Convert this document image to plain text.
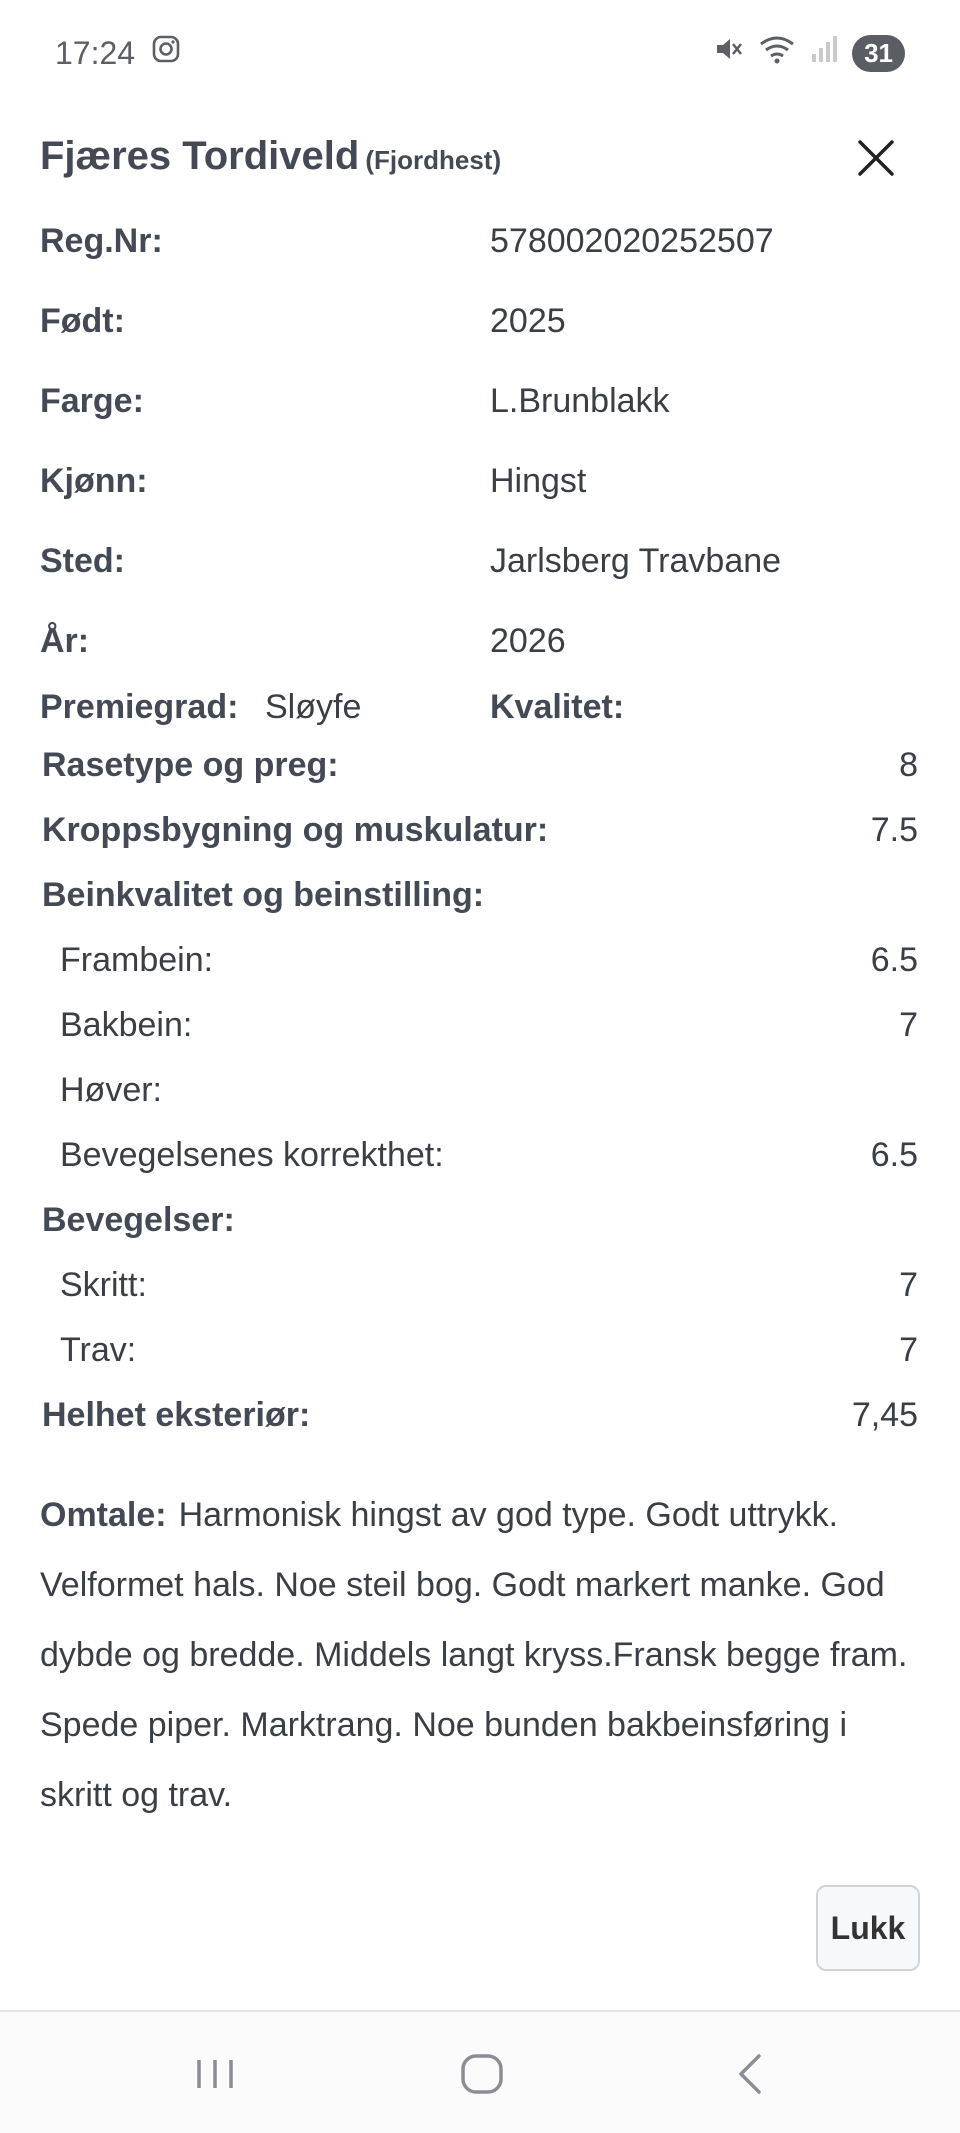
17:24	31
Fjæres Tordiveld (Fjordhest)
Reg.Nr:	578002020252507
Født:	2025
Farge:	L.Brunblakk
Kjønn:	Hingst
Sted:	Jarlsberg Travbane
År:	2026
Premiegrad: Sløyfe	Kvalitet:
Rasetype og preg:	8
Kroppsbygning og muskulatur:	7.5
Beinkvalitet og beinstilling:
Frambein:	6.5
Bakbein:	7
Høver:
Bevegelsenes korrekthet:	6.5
Bevegelser:
Skritt:	7
Trav:	7
Helhet eksteriør:	7,45
Omtale: Harmonisk hingst av god type. Godt uttrykk. Velformet hals. Noe steil bog. Godt markert manke. God dybde og bredde. Middels langt kryss.Fransk begge fram. Spede piper. Marktrang. Noe bunden bakbeinsføring i skritt og trav.
Lukk
